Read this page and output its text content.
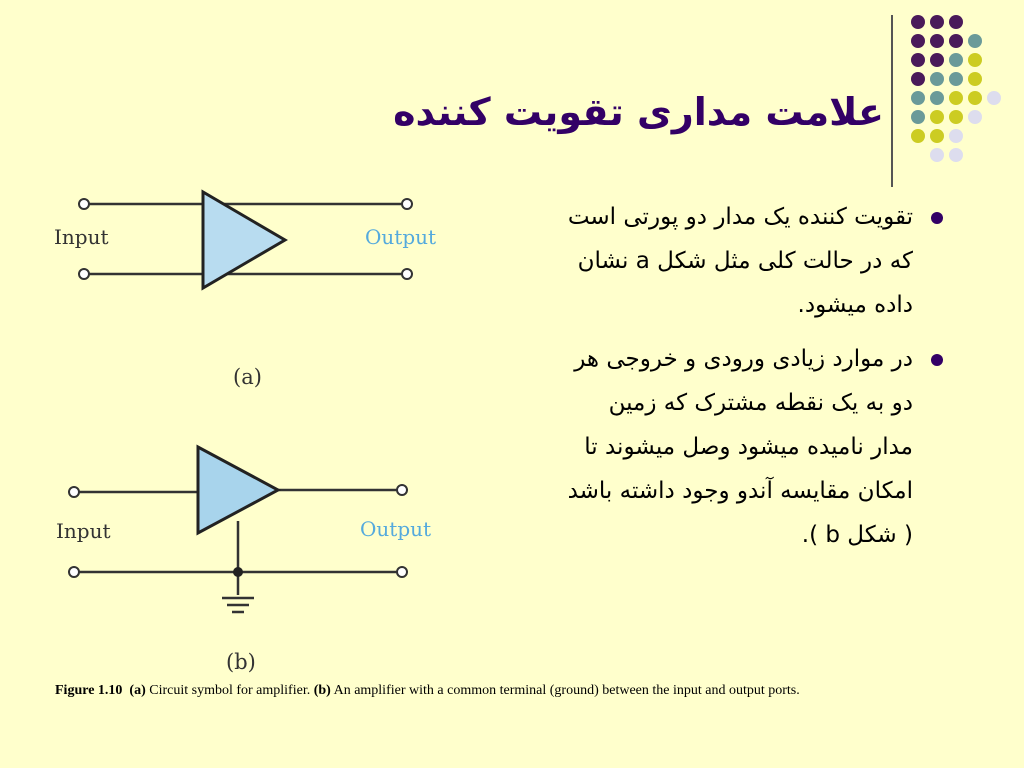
علامت مداری تقویت کننده
Input	Output
(a)
Input	Output
(b)
تقویت کننده یک مدار دو پورتی است که در حالت کلی مثل شکل a نشان داده میشود.
در موارد زیادی ورودی و خروجی هر دو به یک نقطه مشترک که زمین مدار نامیده میشود وصل میشوند تا امکان مقایسه آندو وجود داشته باشد ( شکل b ).
Figure 1.10 (a) Circuit symbol for amplifier. (b) An amplifier with a common terminal (ground) between the input and output ports.
